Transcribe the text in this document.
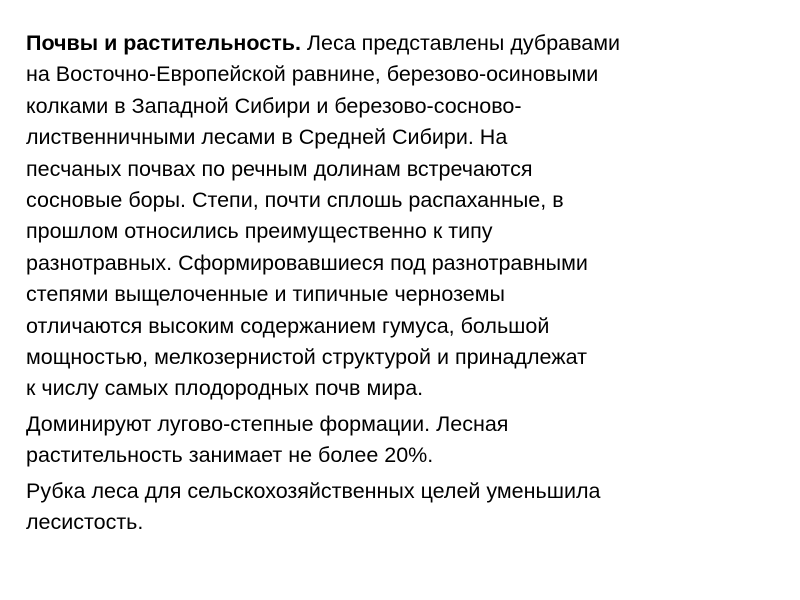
Почвы и растительность. Леса представлены дубравами
на Восточно-Европейской равнине, березово-осиновыми
колками в Западной Сибири и березово-сосново-
лиственничными лесами в Средней Сибири. На
песчаных почвах по речным долинам встречаются
сосновые боры. Степи, почти сплошь распаханные, в
прошлом относились преимущественно к типу
разнотравных. Сформировавшиеся под разнотравными
степями выщелоченные и типичные черноземы
отличаются высоким содержанием гумуса, большой
мощностью, мелкозернистой структурой и принадлежат
к числу самых плодородных почв мира.

Доминируют лугово-степные формации. Лесная
растительность занимает не более 20%.

Рубка леса для сельскохозяйственных целей уменьшила
лесистость.
